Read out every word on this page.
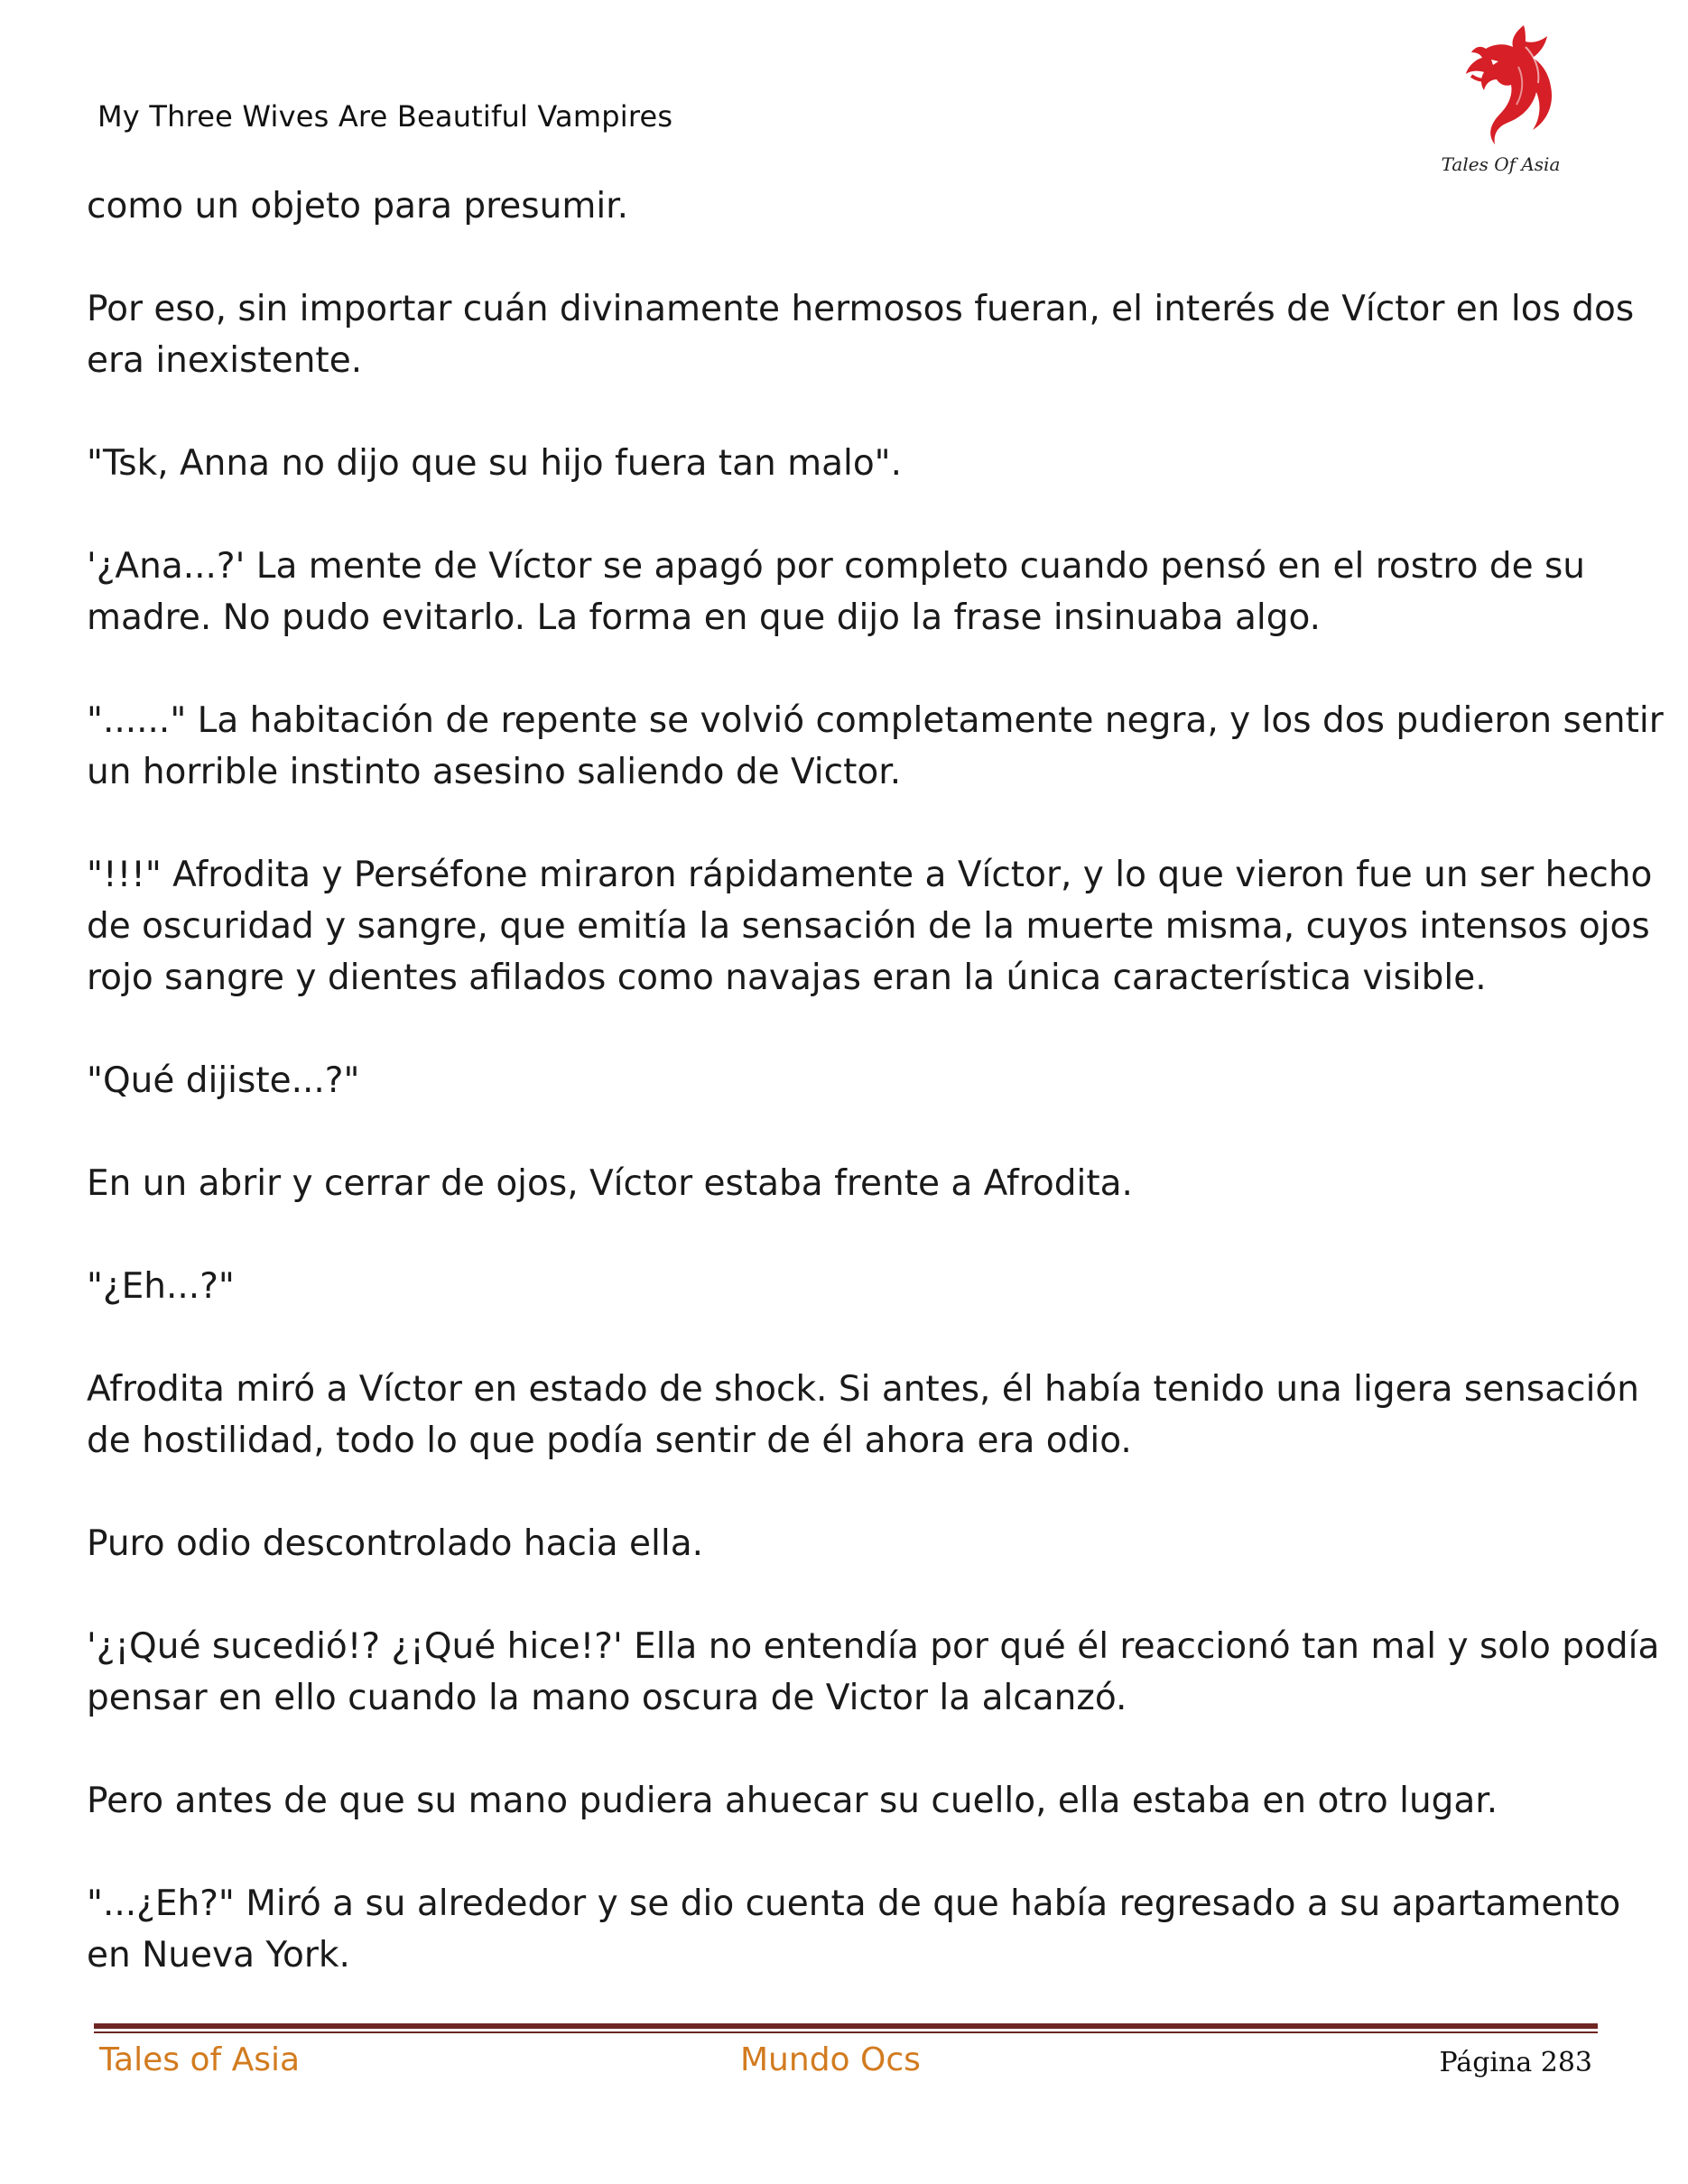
My Three Wives Are Beautiful Vampires
Tales Of Asia

como un objeto para presumir.

Por eso, sin importar cuán divinamente hermosos fueran, el interés de Víctor en los dos
era inexistente.

"Tsk, Anna no dijo que su hijo fuera tan malo".

'¿Ana...?' La mente de Víctor se apagó por completo cuando pensó en el rostro de su
madre. No pudo evitarlo. La forma en que dijo la frase insinuaba algo.

"......" La habitación de repente se volvió completamente negra, y los dos pudieron sentir
un horrible instinto asesino saliendo de Victor.

"!!!" Afrodita y Perséfone miraron rápidamente a Víctor, y lo que vieron fue un ser hecho
de oscuridad y sangre, que emitía la sensación de la muerte misma, cuyos intensos ojos
rojo sangre y dientes afilados como navajas eran la única característica visible.

"Qué dijiste...?"

En un abrir y cerrar de ojos, Víctor estaba frente a Afrodita.

"¿Eh...?"

Afrodita miró a Víctor en estado de shock. Si antes, él había tenido una ligera sensación
de hostilidad, todo lo que podía sentir de él ahora era odio.

Puro odio descontrolado hacia ella.

'¿¡Qué sucedió!? ¿¡Qué hice!?' Ella no entendía por qué él reaccionó tan mal y solo podía
pensar en ello cuando la mano oscura de Victor la alcanzó.

Pero antes de que su mano pudiera ahuecar su cuello, ella estaba en otro lugar.

"...¿Eh?" Miró a su alrededor y se dio cuenta de que había regresado a su apartamento
en Nueva York.

Tales of Asia	Mundo Ocs	Página 283
